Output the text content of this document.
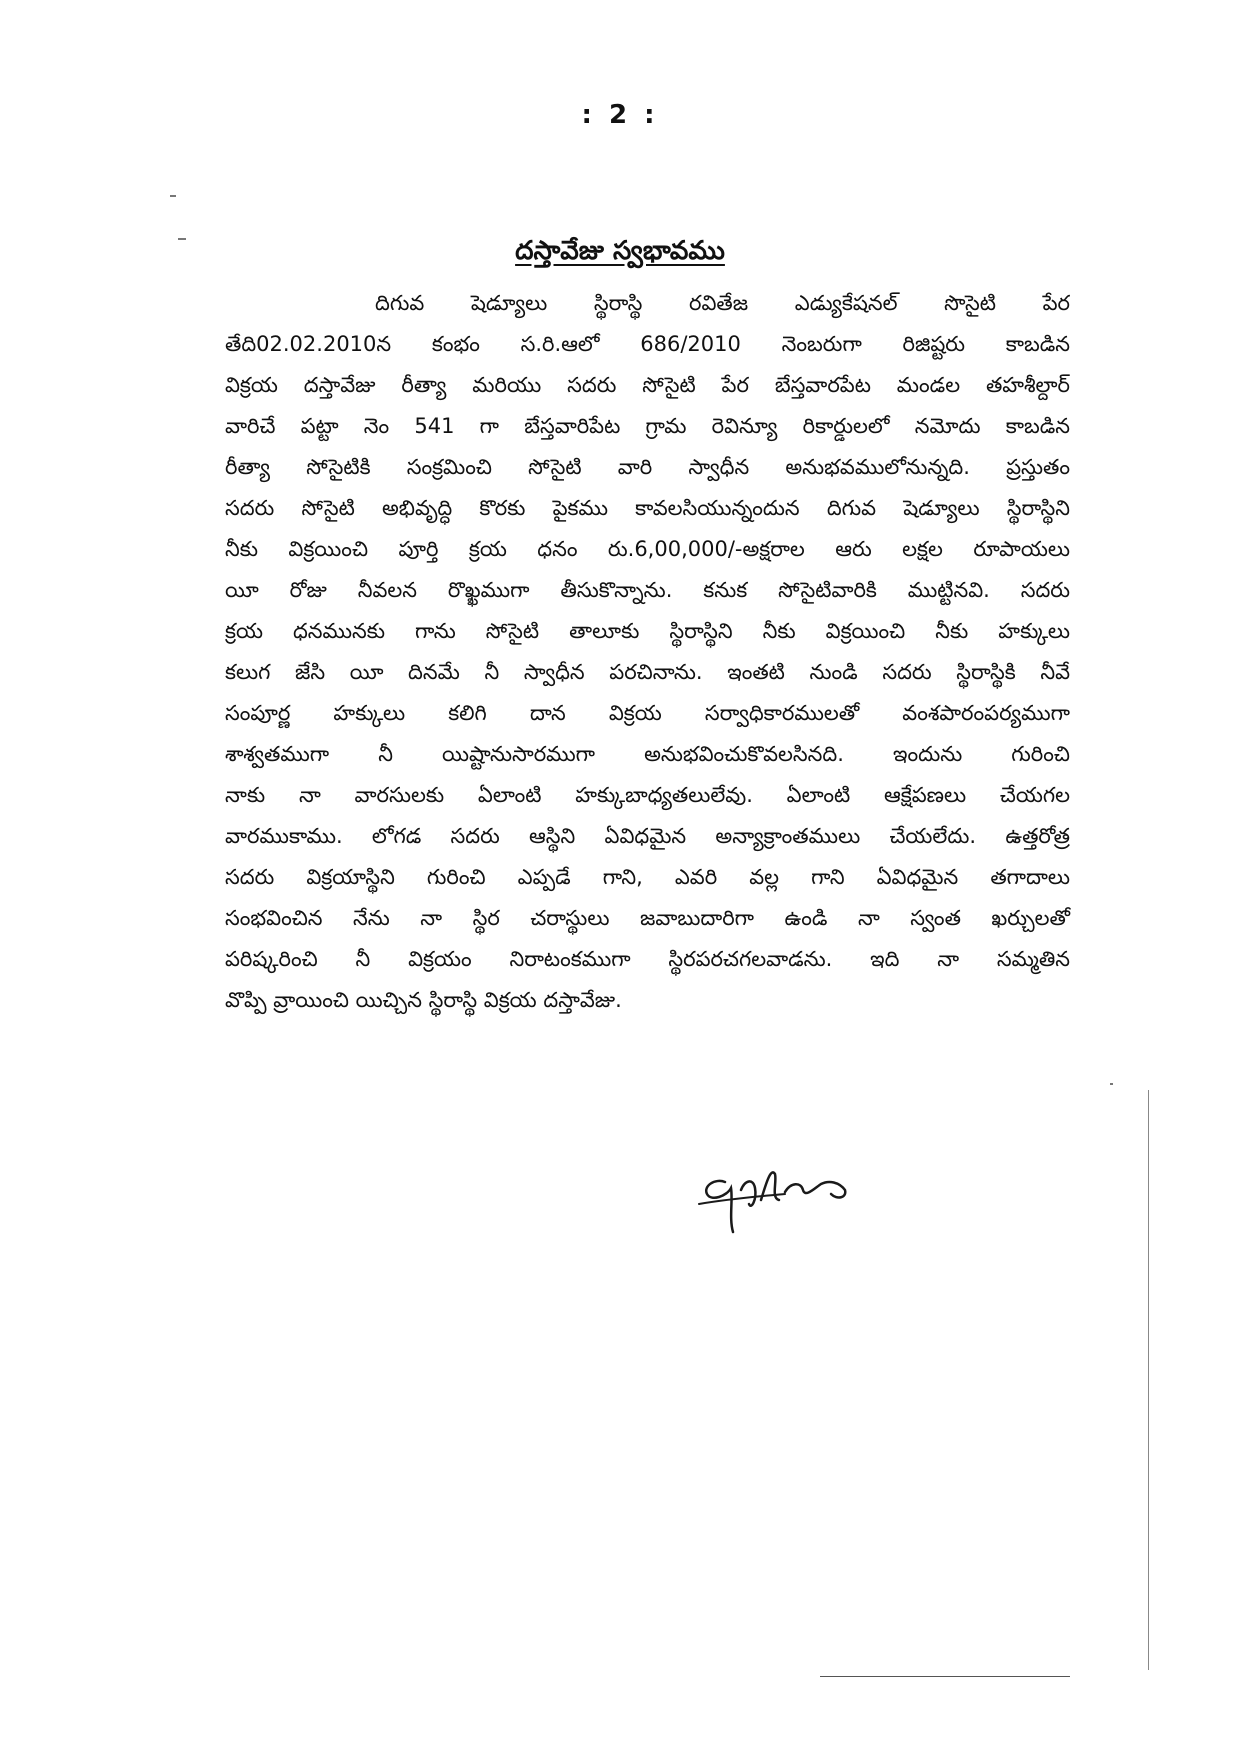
: 2 :
దస్తావేజు స్వభావము
దిగువ షెడ్యూలు స్థిరాస్థి రవితేజ ఎడ్యుకేషనల్ సొసైటి పేర
తేది02.02.2010న కంభం స.రి.ఆలో 686/2010 నెంబరుగా రిజిష్టరు కాబడిన
విక్రయ దస్తావేజు రీత్యా మరియు సదరు సోసైటి పేర బేస్తవారపేట మండల తహశీల్దార్
వారిచే పట్టా నెం 541 గా బేస్తవారిపేట గ్రామ రెవిన్యూ రికార్డులలో నమోదు కాబడిన
రీత్యా సోసైటికి సంక్రమించి సోసైటి వారి స్వాధీన అనుభవములోనున్నది. ప్రస్తుతం
సదరు సోసైటి అభివృద్ధి కొరకు పైకము కావలసియున్నందున దిగువ షెడ్యూలు స్థిరాస్థిని
నీకు విక్రయించి పూర్తి క్రయ ధనం రు.6,00,000/-అక్షరాల ఆరు లక్షల రూపాయలు
యీ రోజు నీవలన రొఖ్ఖముగా తీసుకొన్నాను. కనుక సోసైటివారికి ముట్టినవి. సదరు
క్రయ ధనమునకు గాను సోసైటి తాలూకు స్థిరాస్థిని నీకు విక్రయించి నీకు హక్కులు
కలుగ జేసి యీ దినమే నీ స్వాధీన పరచినాను. ఇంతటి నుండి సదరు స్థిరాస్థికి నీవే
సంపూర్ణ హక్కులు కలిగి దాన విక్రయ సర్వాధికారములతో వంశపారంపర్యముగా
శాశ్వతముగా నీ యిష్టానుసారముగా అనుభవించుకొవలసినది. ఇందును గురించి
నాకు నా వారసులకు ఏలాంటి హక్కుబాధ్యతలులేవు. ఏలాంటి ఆక్షేపణలు చేయగల
వారముకాము. లోగడ సదరు ఆస్థిని ఏవిధమైన అన్యాక్రాంతములు చేయలేదు. ఉత్తరోత్ర
సదరు విక్రయాస్థిని గురించి ఎప్పడే గాని, ఎవరి వల్ల గాని ఏవిధమైన తగాదాలు
సంభవించిన నేను నా స్థిర చరాస్థులు జవాబుదారిగా ఉండి నా స్వంత ఖర్చులతో
పరిష్కరించి నీ విక్రయం నిరాటంకముగా స్థిరపరచగలవాడను. ఇది నా సమ్మతిన
వొప్పి వ్రాయించి యిచ్చిన స్థిరాస్థి విక్రయ దస్తావేజు.
